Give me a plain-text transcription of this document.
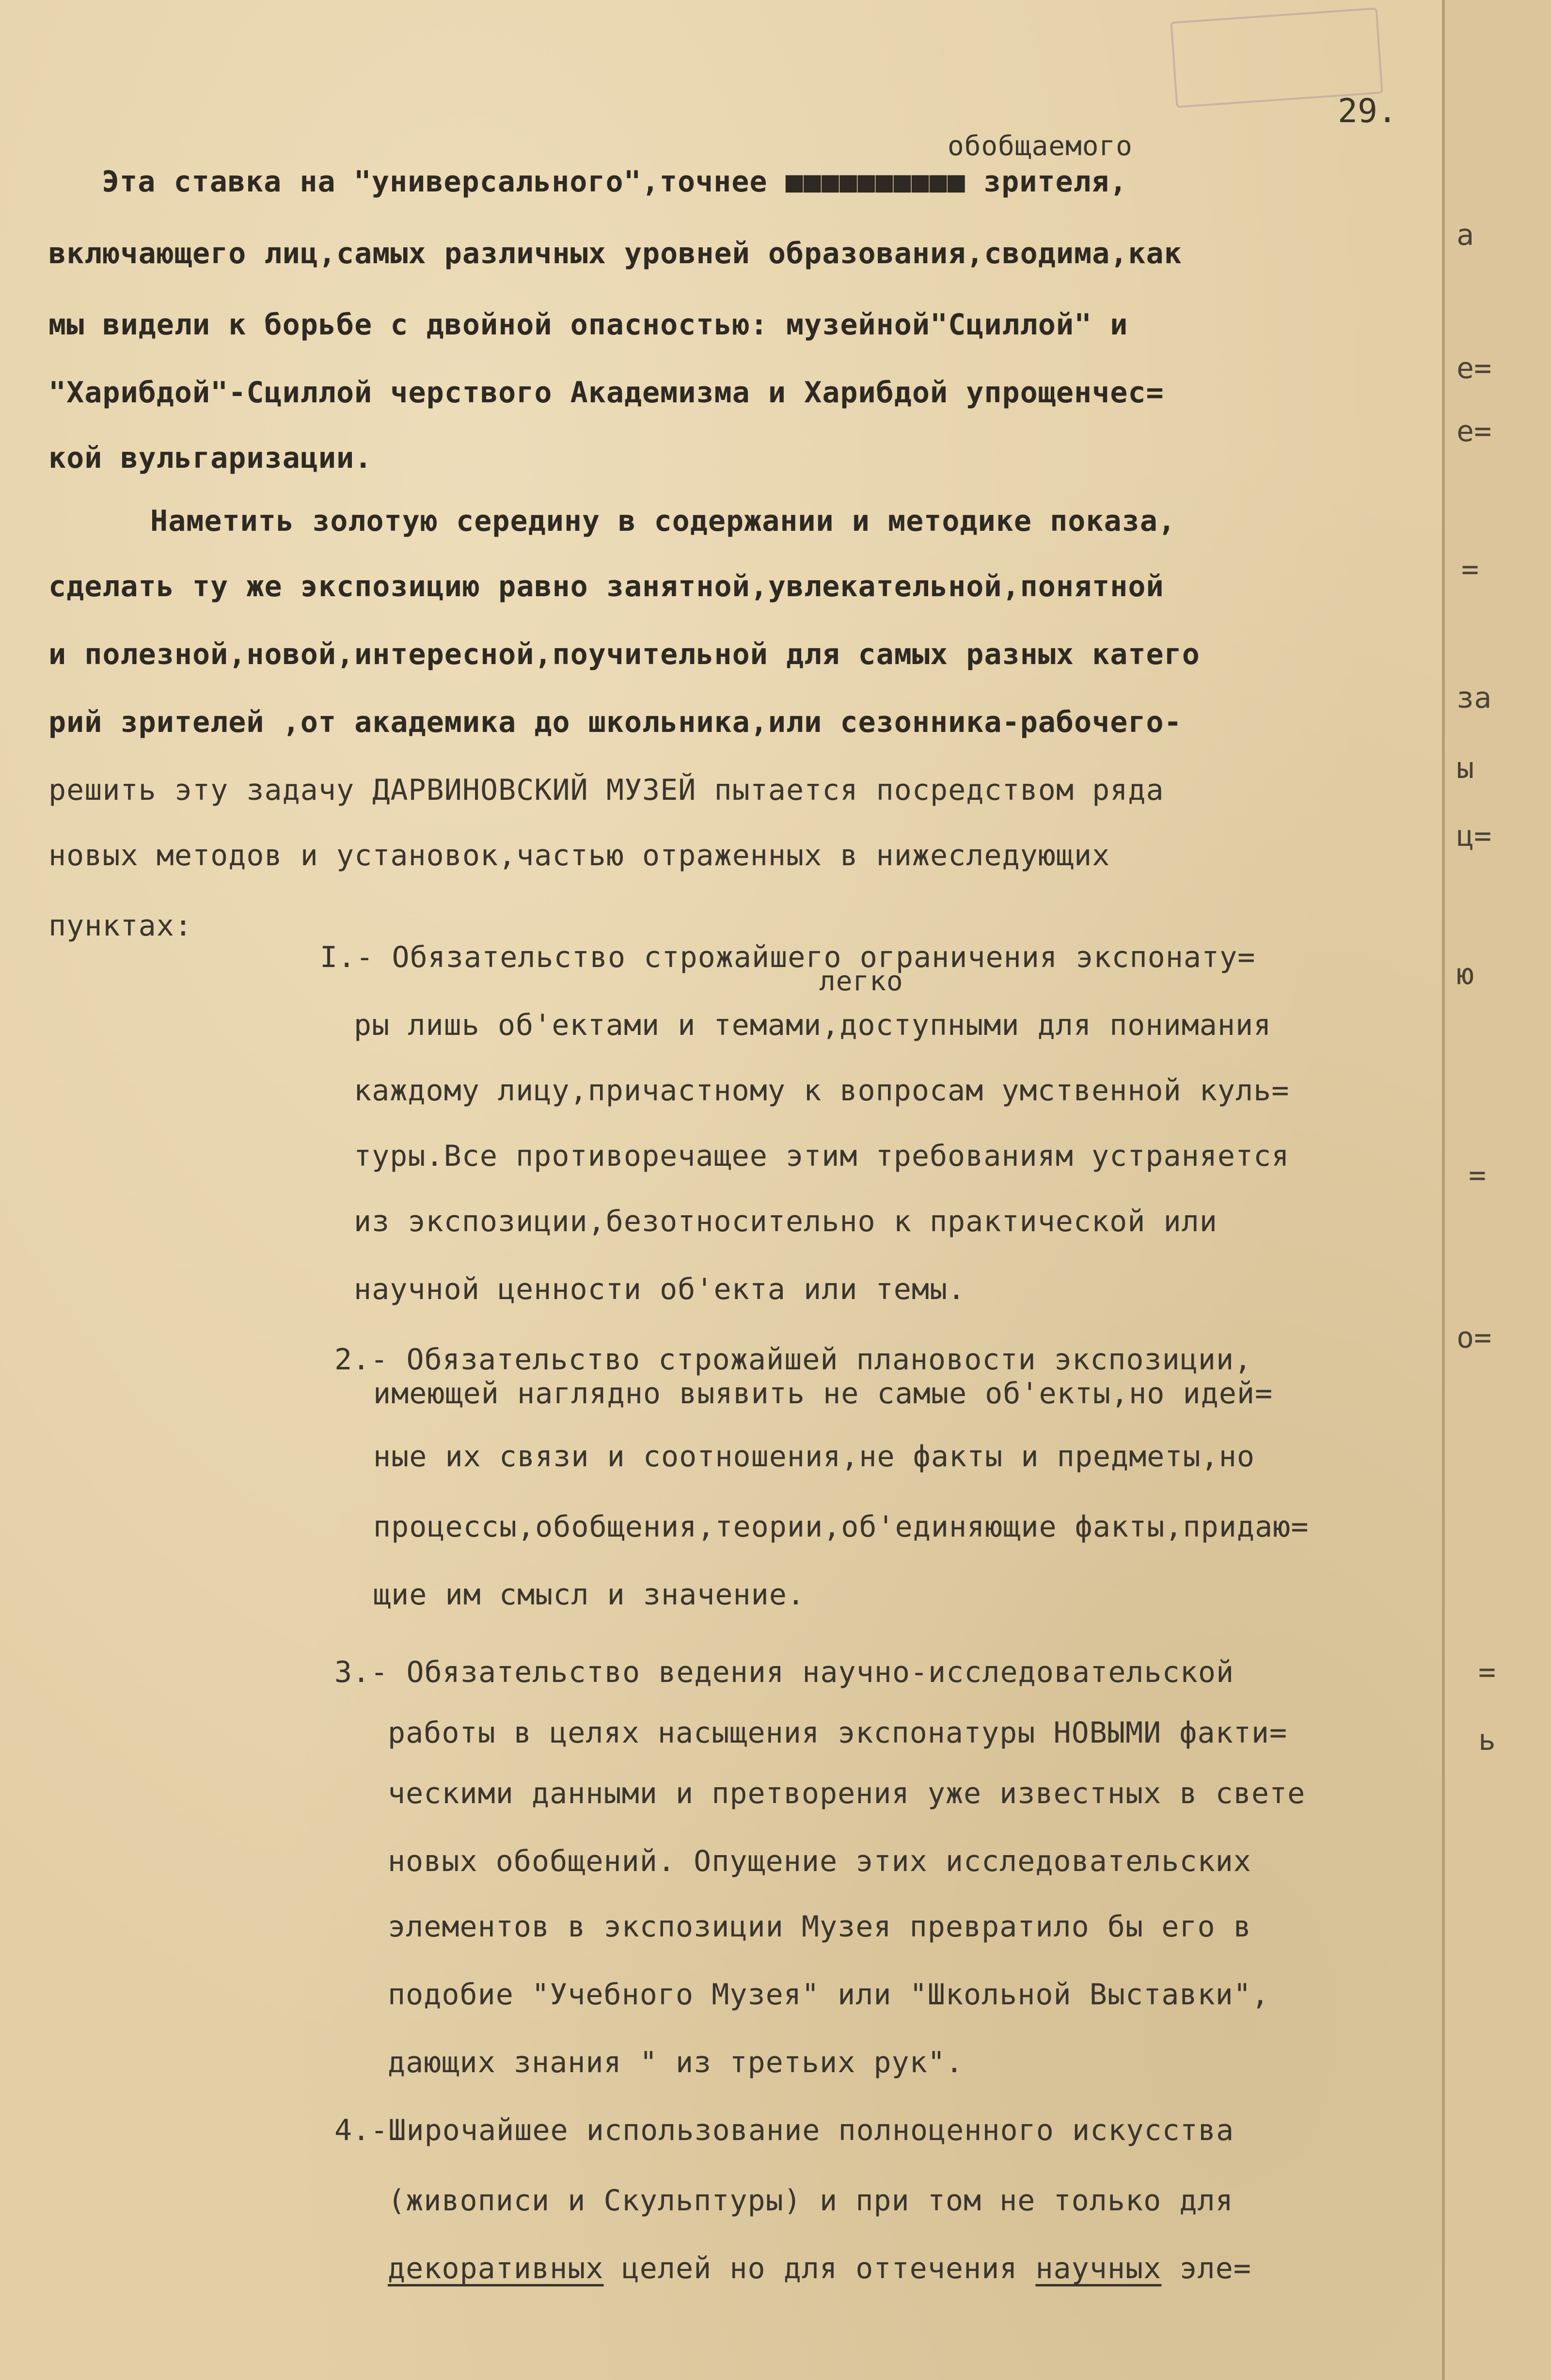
29.
обобщаемого
легко
Эта ставка на "универсального",точнее ■■■■■■■■■■ зрителя,
включающего лиц,самых различных уровней образования,сводима,как
мы видели к борьбе с двойной опасностью: музейной"Сциллой" и
"Харибдой"-Сциллой черствого Академизма и Харибдой упрощенчес=
кой вульгаризации.
Наметить золотую середину в содержании и методике показа,
сделать ту же экспозицию равно занятной,увлекательной,понятной
и полезной,новой,интересной,поучительной для самых разных катего
рий зрителей ,от академика до школьника,или сезонника-рабочего-
решить эту задачу ДАРВИНОВСКИЙ МУЗЕЙ пытается посредством ряда
новых методов и установок,частью отраженных в нижеследующих
пунктах:
I.- Обязательство строжайшего ограничения экспонату=
ры лишь об'ектами и темами,доступными для понимания
каждому лицу,причастному к вопросам умственной куль=
туры.Все противоречащее этим требованиям устраняется
из экспозиции,безотносительно к практической или
научной ценности об'екта или темы.
2.- Обязательство строжайшей плановости экспозиции,
имеющей наглядно выявить не самые об'екты,но идей=
ные их связи и соотношения,не факты и предметы,но
процессы,обобщения,теории,об'единяющие факты,придаю=
щие им смысл и значение.
3.- Обязательство ведения научно-исследовательской
работы в целях насыщения экспонатуры НОВЫМИ факти=
ческими данными и претворения уже известных в свете
новых обобщений. Опущение этих исследовательских
элементов в экспозиции Музея превратило бы его в
подобие "Учебного Музея" или "Школьной Выставки",
дающих знания " из третьих рук".
4.-Широчайшее использование полноценного искусства
(живописи и Скульптуры) и при том не только для
декоративных целей но для оттечения научных эле=
а
е=
е=
=
за
ы
ц=
ю
=
о=
=
ь
